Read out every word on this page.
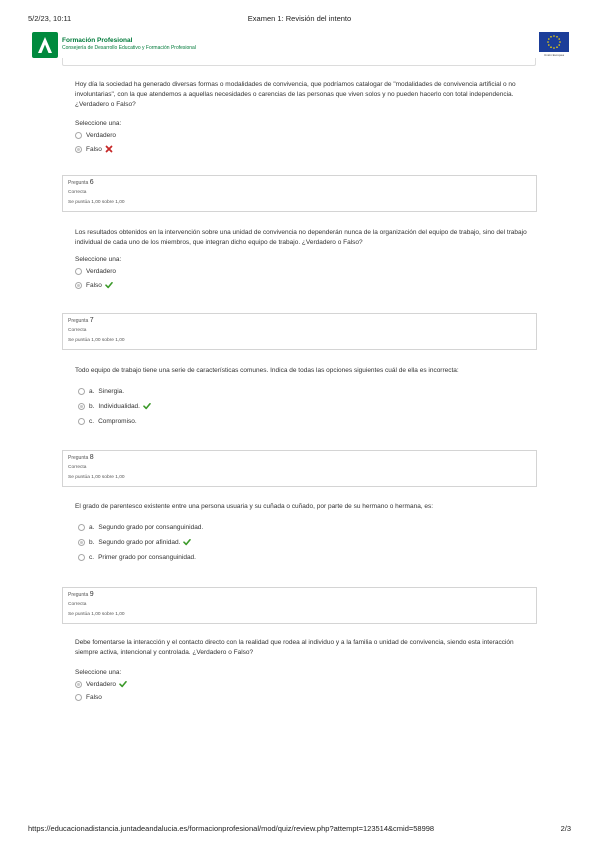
5/2/23, 10:11	Examen 1: Revisión del intento
Formación Profesional
Consejería de Desarrollo Educativo y Formación Profesional
Unión Europea
Hoy día la sociedad ha generado diversas formas o modalidades de convivencia, que podríamos catalogar de "modalidades de convivencia artificial o no involuntarias", con la que atendemos a aquellas necesidades o carencias de las personas que viven solos y no pueden hacerlo con total independencia. ¿Verdadero o Falso?
Seleccione una:
Verdadero
Falso
Pregunta 6
Correcta
Se puntúa 1,00 sobre 1,00
Los resultados obtenidos en la intervención sobre una unidad de convivencia no dependerán nunca de la organización del equipo de trabajo, sino del trabajo individual de cada uno de los miembros, que integran dicho equipo de trabajo. ¿Verdadero o Falso?
Seleccione una:
Verdadero
Falso
Pregunta 7
Correcta
Se puntúa 1,00 sobre 1,00
Todo equipo de trabajo tiene una serie de características comunes. Indica de todas las opciones siguientes cuál de ella es incorrecta:
a. Sinergia.
b. Individualidad.
c. Compromiso.
Pregunta 8
Correcta
Se puntúa 1,00 sobre 1,00
El grado de parentesco existente entre una persona usuaria y su cuñada o cuñado, por parte de su hermano o hermana, es:
a. Segundo grado por consanguinidad.
b. Segundo grado por afinidad.
c. Primer grado por consanguinidad.
Pregunta 9
Correcta
Se puntúa 1,00 sobre 1,00
Debe fomentarse la interacción y el contacto directo con la realidad que rodea al individuo y a la familia o unidad de convivencia, siendo esta interacción siempre activa, intencional y controlada. ¿Verdadero o Falso?
Seleccione una:
Verdadero
Falso
https://educacionadistancia.juntadeandalucia.es/formacionprofesional/mod/quiz/review.php?attempt=123514&cmid=58998	2/3
